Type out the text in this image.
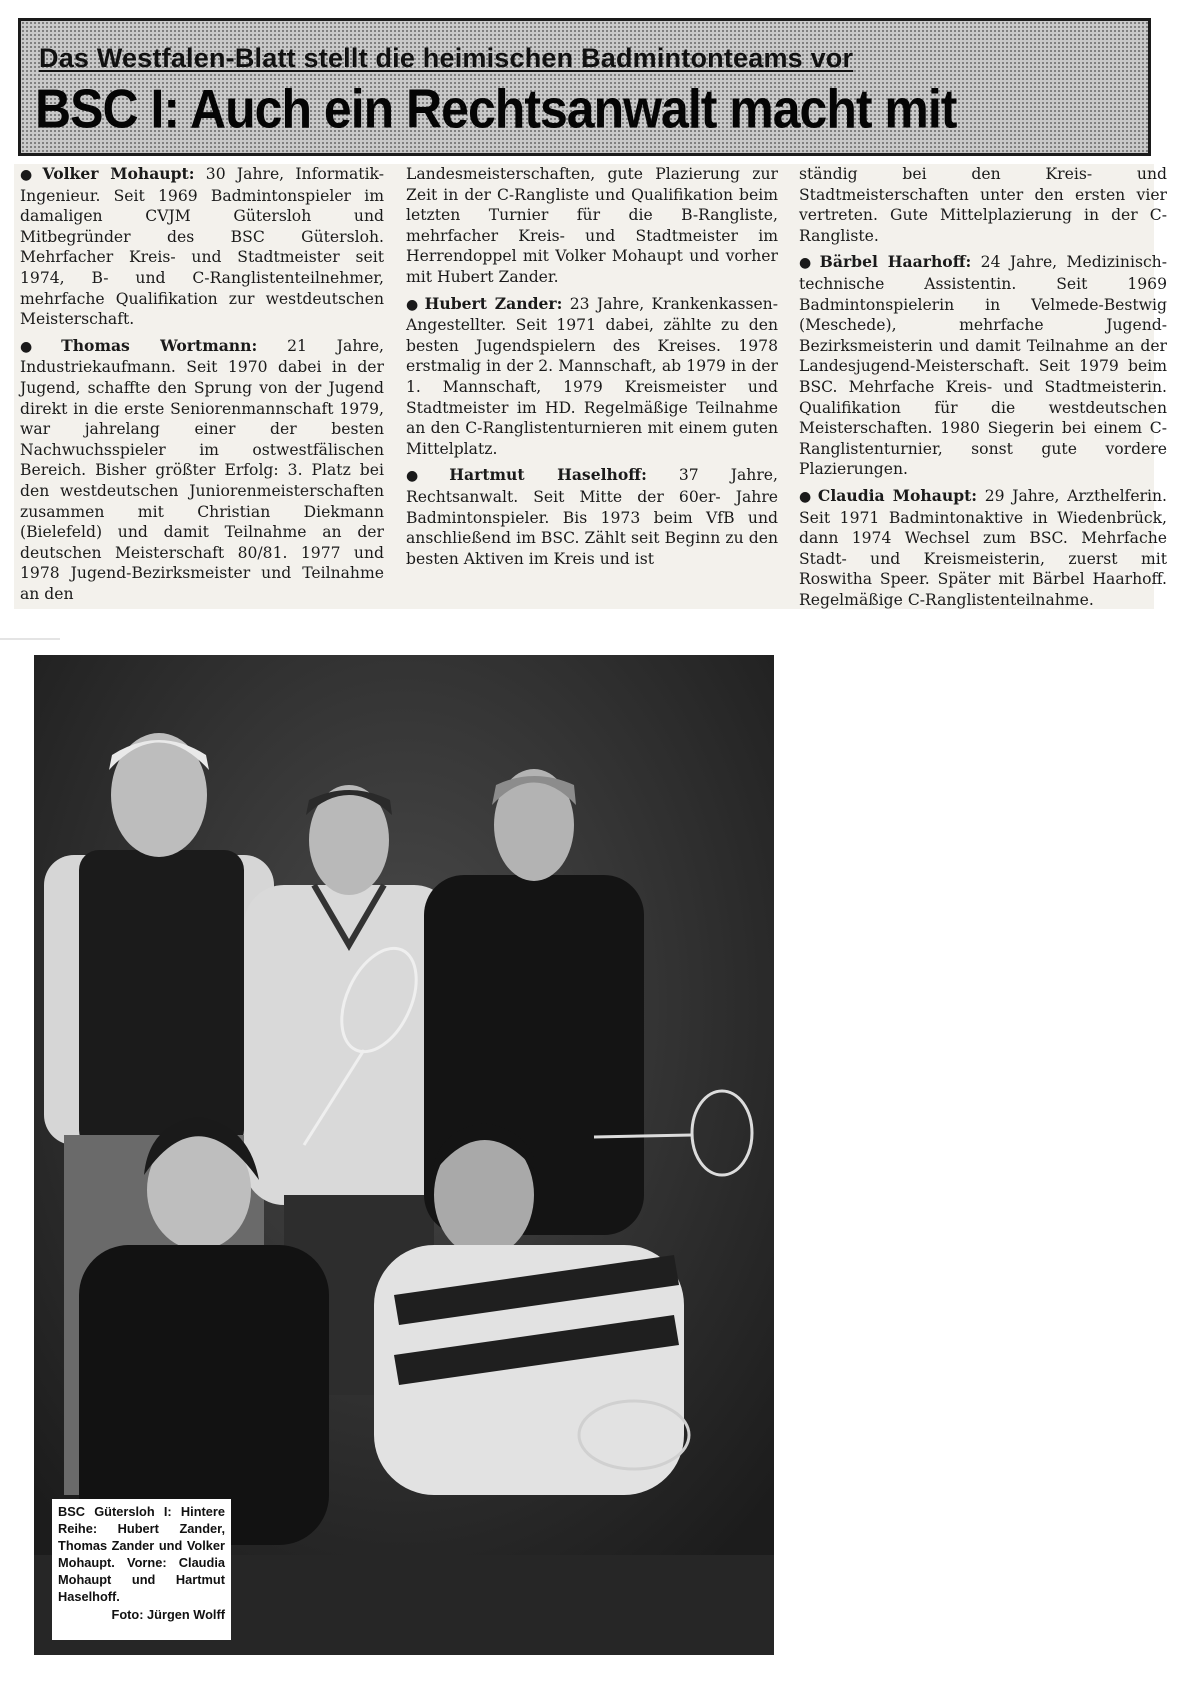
Das Westfalen-Blatt stellt die heimischen Badmintonteams vor
BSC I: Auch ein Rechtsanwalt macht mit

● Volker Mohaupt: 30 Jahre, Informatik-Ingenieur. Seit 1969 Badmintonspieler im damaligen CVJM Gütersloh und Mitbegründer des BSC Gütersloh. Mehrfacher Kreis- und Stadtmeister seit 1974, B- und C-Ranglistenteilnehmer, mehrfache Qualifikation zur westdeutschen Meisterschaft.

● Thomas Wortmann: 21 Jahre, Industriekaufmann. Seit 1970 dabei in der Jugend, schaffte den Sprung von der Jugend direkt in die erste Seniorenmannschaft 1979, war jahrelang einer der besten Nachwuchsspieler im ostwestfälischen Bereich. Bisher größter Erfolg: 3. Platz bei den westdeutschen Juniorenmeisterschaften zusammen mit Christian Diekmann (Bielefeld) und damit Teilnahme an der deutschen Meisterschaft 80/81. 1977 und 1978 Jugend-Bezirksmeister und Teilnahme an den

Landesmeisterschaften, gute Plazierung zur Zeit in der C-Rangliste und Qualifikation beim letzten Turnier für die B-Rangliste, mehrfacher Kreis- und Stadtmeister im Herrendoppel mit Volker Mohaupt und vorher mit Hubert Zander.

● Hubert Zander: 23 Jahre, Krankenkassen-Angestellter. Seit 1971 dabei, zählte zu den besten Jugendspielern des Kreises. 1978 erstmalig in der 2. Mannschaft, ab 1979 in der 1. Mannschaft, 1979 Kreismeister und Stadtmeister im HD. Regelmäßige Teilnahme an den C-Ranglistenturnieren mit einem guten Mittelplatz.

● Hartmut Haselhoff: 37 Jahre, Rechtsanwalt. Seit Mitte der 60er- Jahre Badmintonspieler. Bis 1973 beim VfB und anschließend im BSC. Zählt seit Beginn zu den besten Aktiven im Kreis und ist

ständig bei den Kreis- und Stadtmeisterschaften unter den ersten vier vertreten. Gute Mittelplazierung in der C-Rangliste.

● Bärbel Haarhoff: 24 Jahre, Medizinisch-technische Assistentin. Seit 1969 Badmintonspielerin in Velmede-Bestwig (Meschede), mehrfache Jugend-Bezirksmeisterin und damit Teilnahme an der Landesjugend-Meisterschaft. Seit 1979 beim BSC. Mehrfache Kreis- und Stadtmeisterin. Qualifikation für die westdeutschen Meisterschaften. 1980 Siegerin bei einem C-Ranglistenturnier, sonst gute vordere Plazierungen.

● Claudia Mohaupt: 29 Jahre, Arzthelferin. Seit 1971 Badmintonaktive in Wiedenbrück, dann 1974 Wechsel zum BSC. Mehrfache Stadt- und Kreismeisterin, zuerst mit Roswitha Speer. Später mit Bärbel Haarhoff. Regelmäßige C-Ranglistenteilnahme.

BSC Gütersloh I: Hintere Reihe: Hubert Zander, Thomas Zander und Volker Mohaupt. Vorne: Claudia Mohaupt und Hartmut Haselhoff.
Foto: Jürgen Wolff
